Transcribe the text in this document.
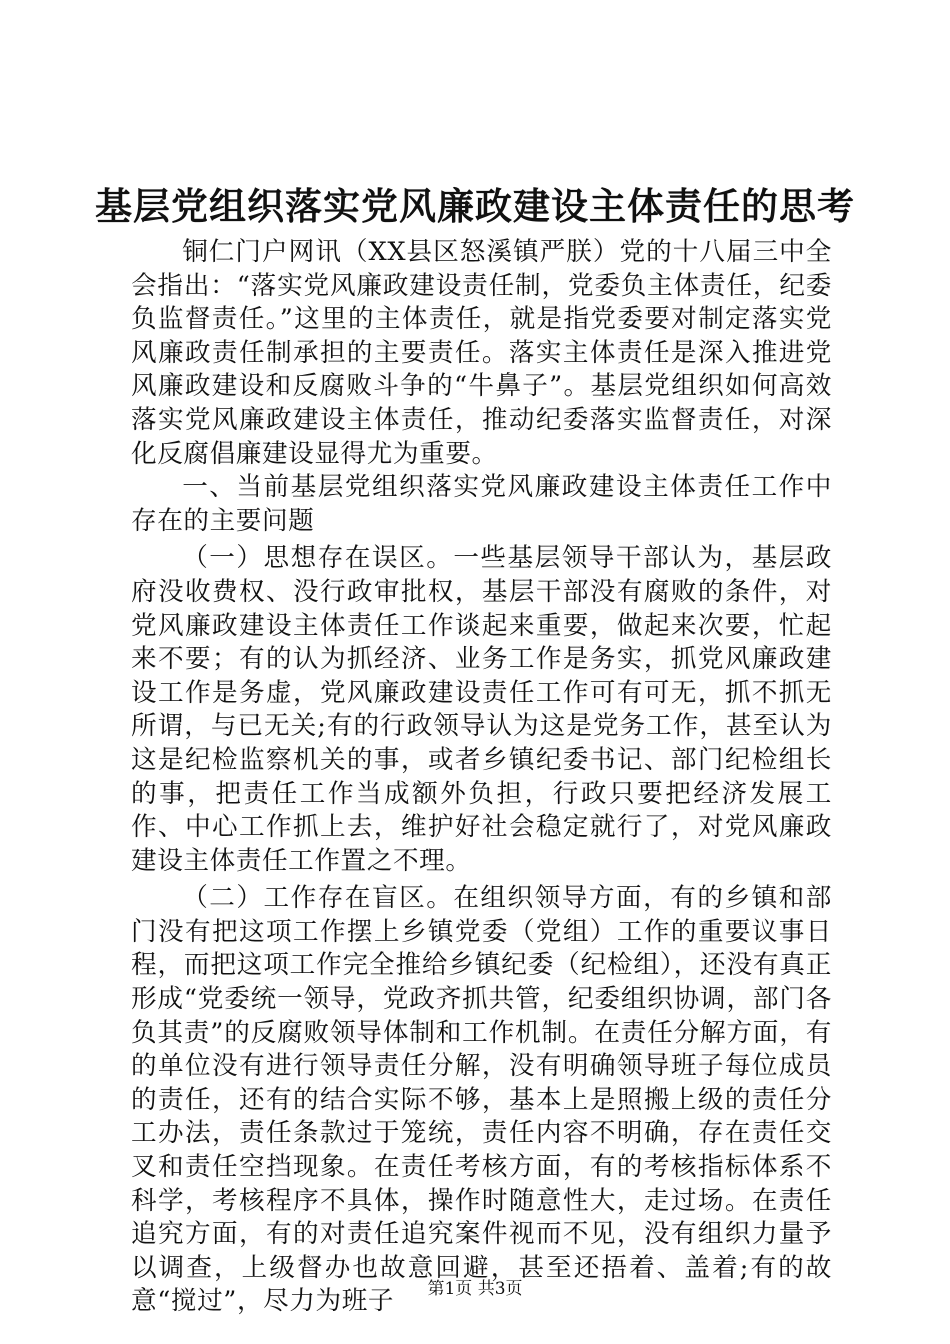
基层党组织落实党风廉政建设主体责任的思考

铜仁门户网讯（XX县区怒溪镇严朕）党的十八届三中全会指出：“落实党风廉政建设责任制，党委负主体责任，纪委负监督责任。”这里的主体责任，就是指党委要对制定落实党风廉政责任制承担的主要责任。落实主体责任是深入推进党风廉政建设和反腐败斗争的“牛鼻子”。基层党组织如何高效落实党风廉政建设主体责任，推动纪委落实监督责任，对深化反腐倡廉建设显得尤为重要。

一、当前基层党组织落实党风廉政建设主体责任工作中存在的主要问题

（一）思想存在误区。一些基层领导干部认为，基层政府没收费权、没行政审批权，基层干部没有腐败的条件，对党风廉政建设主体责任工作谈起来重要，做起来次要，忙起来不要；有的认为抓经济、业务工作是务实，抓党风廉政建设工作是务虚，党风廉政建设责任工作可有可无，抓不抓无所谓，与已无关;有的行政领导认为这是党务工作，甚至认为这是纪检监察机关的事，或者乡镇纪委书记、部门纪检组长的事，把责任工作当成额外负担，行政只要把经济发展工作、中心工作抓上去，维护好社会稳定就行了，对党风廉政建设主体责任工作置之不理。

（二）工作存在盲区。在组织领导方面，有的乡镇和部门没有把这项工作摆上乡镇党委（党组）工作的重要议事日程，而把这项工作完全推给乡镇纪委（纪检组），还没有真正形成“党委统一领导，党政齐抓共管，纪委组织协调，部门各负其责”的反腐败领导体制和工作机制。在责任分解方面，有的单位没有进行领导责任分解，没有明确领导班子每位成员的责任，还有的结合实际不够，基本上是照搬上级的责任分工办法，责任条款过于笼统，责任内容不明确，存在责任交叉和责任空挡现象。在责任考核方面，有的考核指标体系不科学，考核程序不具体，操作时随意性大，走过场。在责任追究方面，有的对责任追究案件视而不见，没有组织力量予以调查，上级督办也故意回避，甚至还捂着、盖着;有的故意“搅过”，尽力为班子	第1页 共3页
